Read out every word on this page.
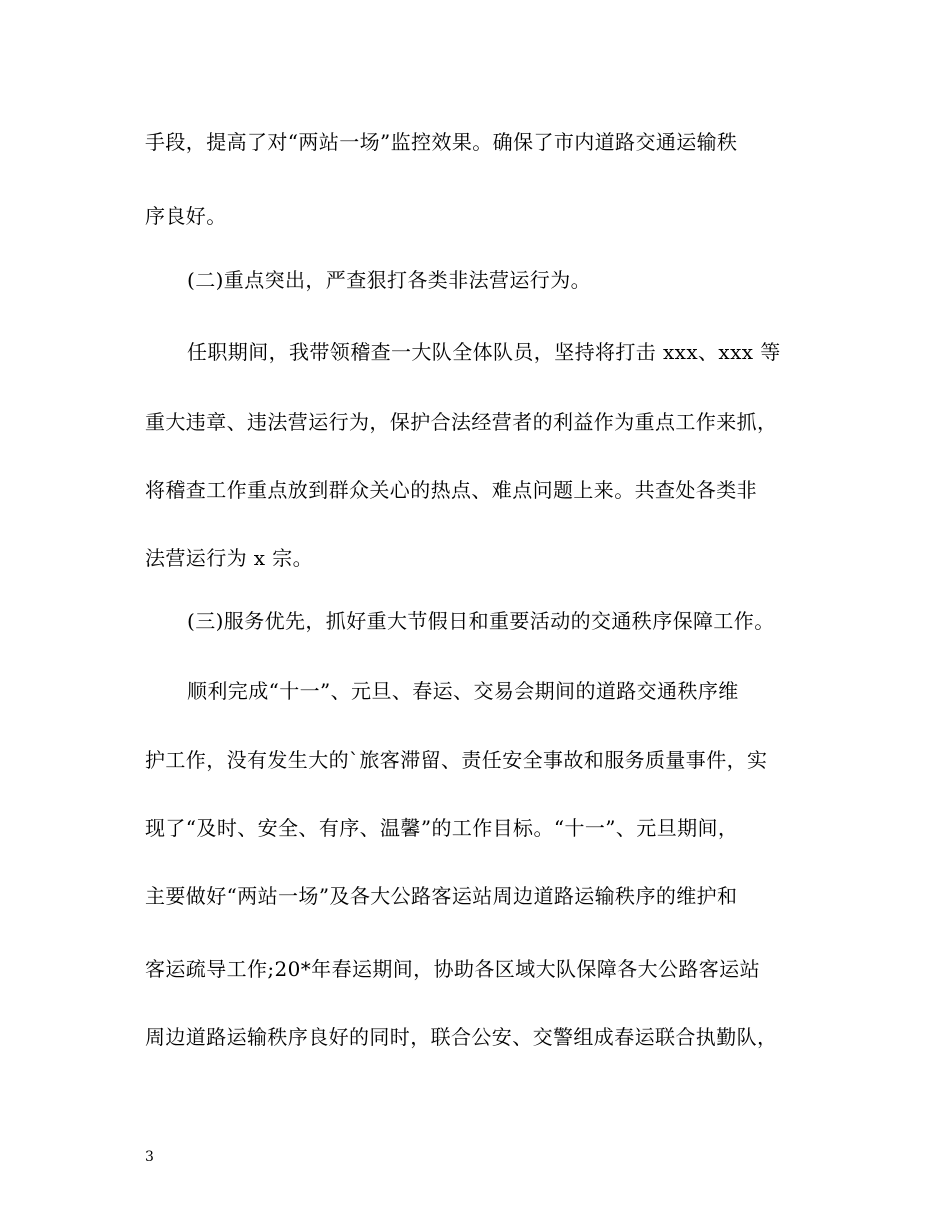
手段，提高了对“两站一场”监控效果。确保了市内道路交通运输秩
序良好。
(二)重点突出，严查狠打各类非法营运行为。
任职期间，我带领稽查一大队全体队员，坚持将打击 xxx、xxx 等
重大违章、违法营运行为，保护合法经营者的利益作为重点工作来抓，
将稽查工作重点放到群众关心的热点、难点问题上来。共查处各类非
法营运行为 x 宗。
(三)服务优先，抓好重大节假日和重要活动的交通秩序保障工作。
顺利完成“十一”、元旦、春运、交易会期间的道路交通秩序维
护工作，没有发生大的`旅客滞留、责任安全事故和服务质量事件，实
现了“及时、安全、有序、温馨”的工作目标。“十一”、元旦期间，
主要做好“两站一场”及各大公路客运站周边道路运输秩序的维护和
客运疏导工作;20*年春运期间，协助各区域大队保障各大公路客运站
周边道路运输秩序良好的同时，联合公安、交警组成春运联合执勤队，
3
